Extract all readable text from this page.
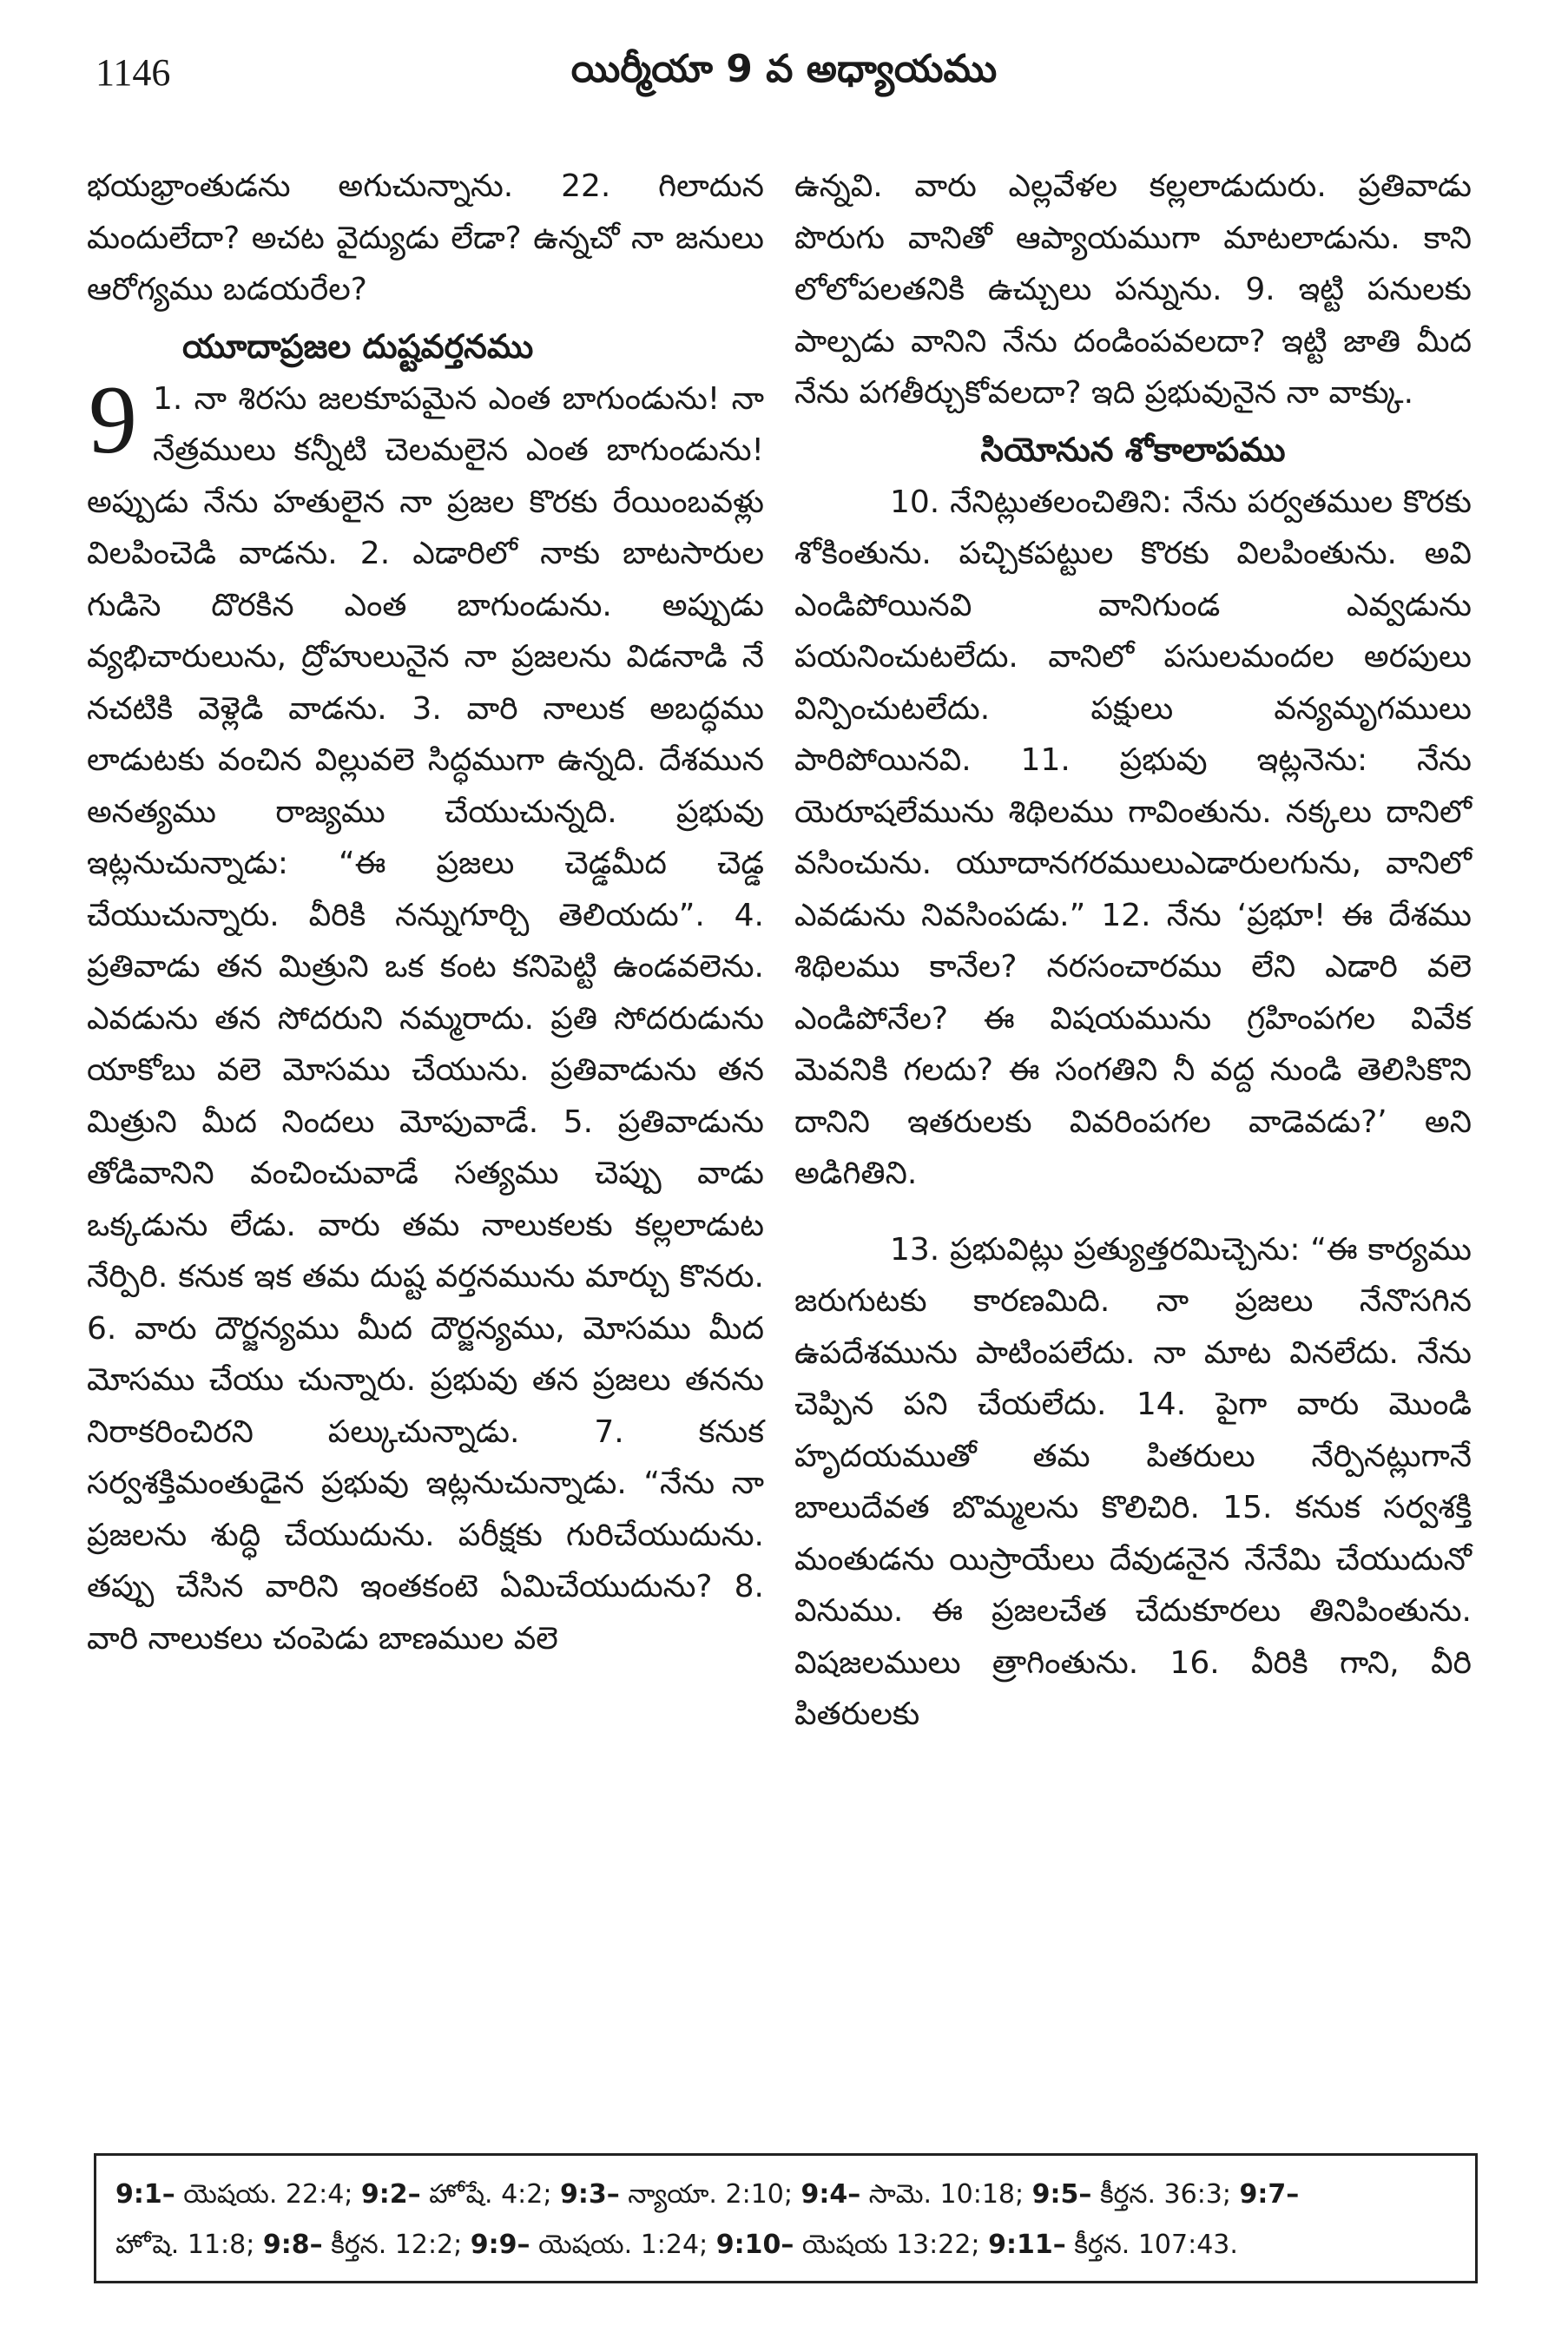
1146	యిర్మీయా 9 వ అధ్యాయము

భయభ్రాంతుడను అగుచున్నాను. 22. గిలాదున మందులేదా? అచట వైద్యుడు లేడా? ఉన్నచో నా జనులు ఆరోగ్యము బడయరేల?

యూదాప్రజల దుష్టవర్తనము
9 1. నా శిరసు జలకూపమైన ఎంత బాగుండును! నా నేత్రములు కన్నీటి చెలమలైన ఎంత బాగుండును! అప్పుడు నేను హతులైన నా ప్రజల కొరకు రేయింబవళ్లు విలపించెడి వాడను. 2. ఎడారిలో నాకు బాటసారుల గుడిసె దొరకిన ఎంత బాగుండును. అప్పుడు వ్యభిచారులును, ద్రోహులునైన నా ప్రజలను విడనాడి నే నచటికి వెళ్లెడి వాడను. 3. వారి నాలుక అబద్ధము లాడుటకు వంచిన విల్లువలె సిద్ధముగా ఉన్నది. దేశమున అనత్యము రాజ్యము చేయుచున్నది. ప్రభువు ఇట్లనుచున్నాడు: “ఈ ప్రజలు చెడ్డమీద చెడ్డ చేయుచున్నారు. వీరికి నన్నుగూర్చి తెలియదు”. 4. ప్రతివాడు తన మిత్రుని ఒక కంట కనిపెట్టి ఉండవలెను. ఎవడును తన సోదరుని నమ్మరాదు. ప్రతి సోదరుడును యాకోబు వలె మోసము చేయును. ప్రతివాడును తన మిత్రుని మీద నిందలు మోపువాడే. 5. ప్రతివాడును తోడివానిని వంచించువాడే సత్యము చెప్పు వాడు ఒక్కడును లేడు. వారు తమ నాలుకలకు కల్లలాడుట నేర్పిరి. కనుక ఇక తమ దుష్ట వర్తనమును మార్చు కొనరు. 6. వారు దౌర్జన్యము మీద దౌర్జన్యము, మోసము మీద మోసము చేయు చున్నారు. ప్రభువు తన ప్రజలు తనను నిరాకరించిరని పల్కుచున్నాడు. 7. కనుక సర్వశక్తిమంతుడైన ప్రభువు ఇట్లనుచున్నాడు. “నేను నా ప్రజలను శుద్ధి చేయుదును. పరీక్షకు గురిచేయుదును. తప్పు చేసిన వారిని ఇంతకంటె ఏమిచేయుదును? 8. వారి నాలుకలు చంపెడు బాణముల వలె

ఉన్నవి. వారు ఎల్లవేళల కల్లలాడుదురు. ప్రతివాడు పొరుగు వానితో ఆప్యాయముగా మాటలాడును. కాని లోలోపలతనికి ఉచ్చులు పన్నును. 9. ఇట్టి పనులకు పాల్పడు వానిని నేను దండింపవలదా? ఇట్టి జాతి మీద నేను పగతీర్చుకోవలదా? ఇది ప్రభువునైన నా వాక్కు.

సియోనున శోకాలాపము

10. నేనిట్లుతలంచితిని: నేను పర్వతముల కొరకు శోకింతును. పచ్చికపట్టుల కొరకు విలపింతును. అవి ఎండిపోయినవి వానిగుండ ఎవ్వడును పయనించుటలేదు. వానిలో పసులమందల అరపులు విన్పించుటలేదు. పక్షులు వన్యమృగములు పారిపోయినవి. 11. ప్రభువు ఇట్లనెను: నేను యెరూషలేమును శిథిలము గావింతును. నక్కలు దానిలో వసించును. యూదానగరములుఎడారులగును, వానిలో ఎవడును నివసింపడు.” 12. నేను ‘ప్రభూ! ఈ దేశము శిథిలము కానేల? నరసంచారము లేని ఎడారి వలె ఎండిపోనేల? ఈ విషయమును గ్రహింపగల వివేక మెవనికి గలదు? ఈ సంగతిని నీ వద్ద నుండి తెలిసికొని దానిని ఇతరులకు వివరింపగల వాడెవడు?’ అని అడిగితిని.

13. ప్రభువిట్లు ప్రత్యుత్తరమిచ్చెను: “ఈ కార్యము జరుగుటకు కారణమిది. నా ప్రజలు నేనొసగిన ఉపదేశమును పాటింపలేదు. నా మాట వినలేదు. నేను చెప్పిన పని చేయలేదు. 14. పైగా వారు మొండి హృదయముతో తమ పితరులు నేర్పినట్లుగానే బాలుదేవత బొమ్మలను కొలిచిరి. 15. కనుక సర్వశక్తి మంతుడను యిస్రాయేలు దేవుడనైన నేనేమి చేయుదునో వినుము. ఈ ప్రజలచేత చేదుకూరలు తినిపింతును. విషజలములు త్రాగింతును. 16. వీరికి గాని, వీరి పితరులకు

9:1– యెషయ. 22:4; 9:2– హోషే. 4:2; 9:3– న్యాయా. 2:10; 9:4– సామె. 10:18; 9:5– కీర్తన. 36:3; 9:7–

హోషె. 11:8; 9:8– కీర్తన. 12:2; 9:9– యెషయ. 1:24; 9:10– యెషయ 13:22; 9:11– కీర్తన. 107:43.
